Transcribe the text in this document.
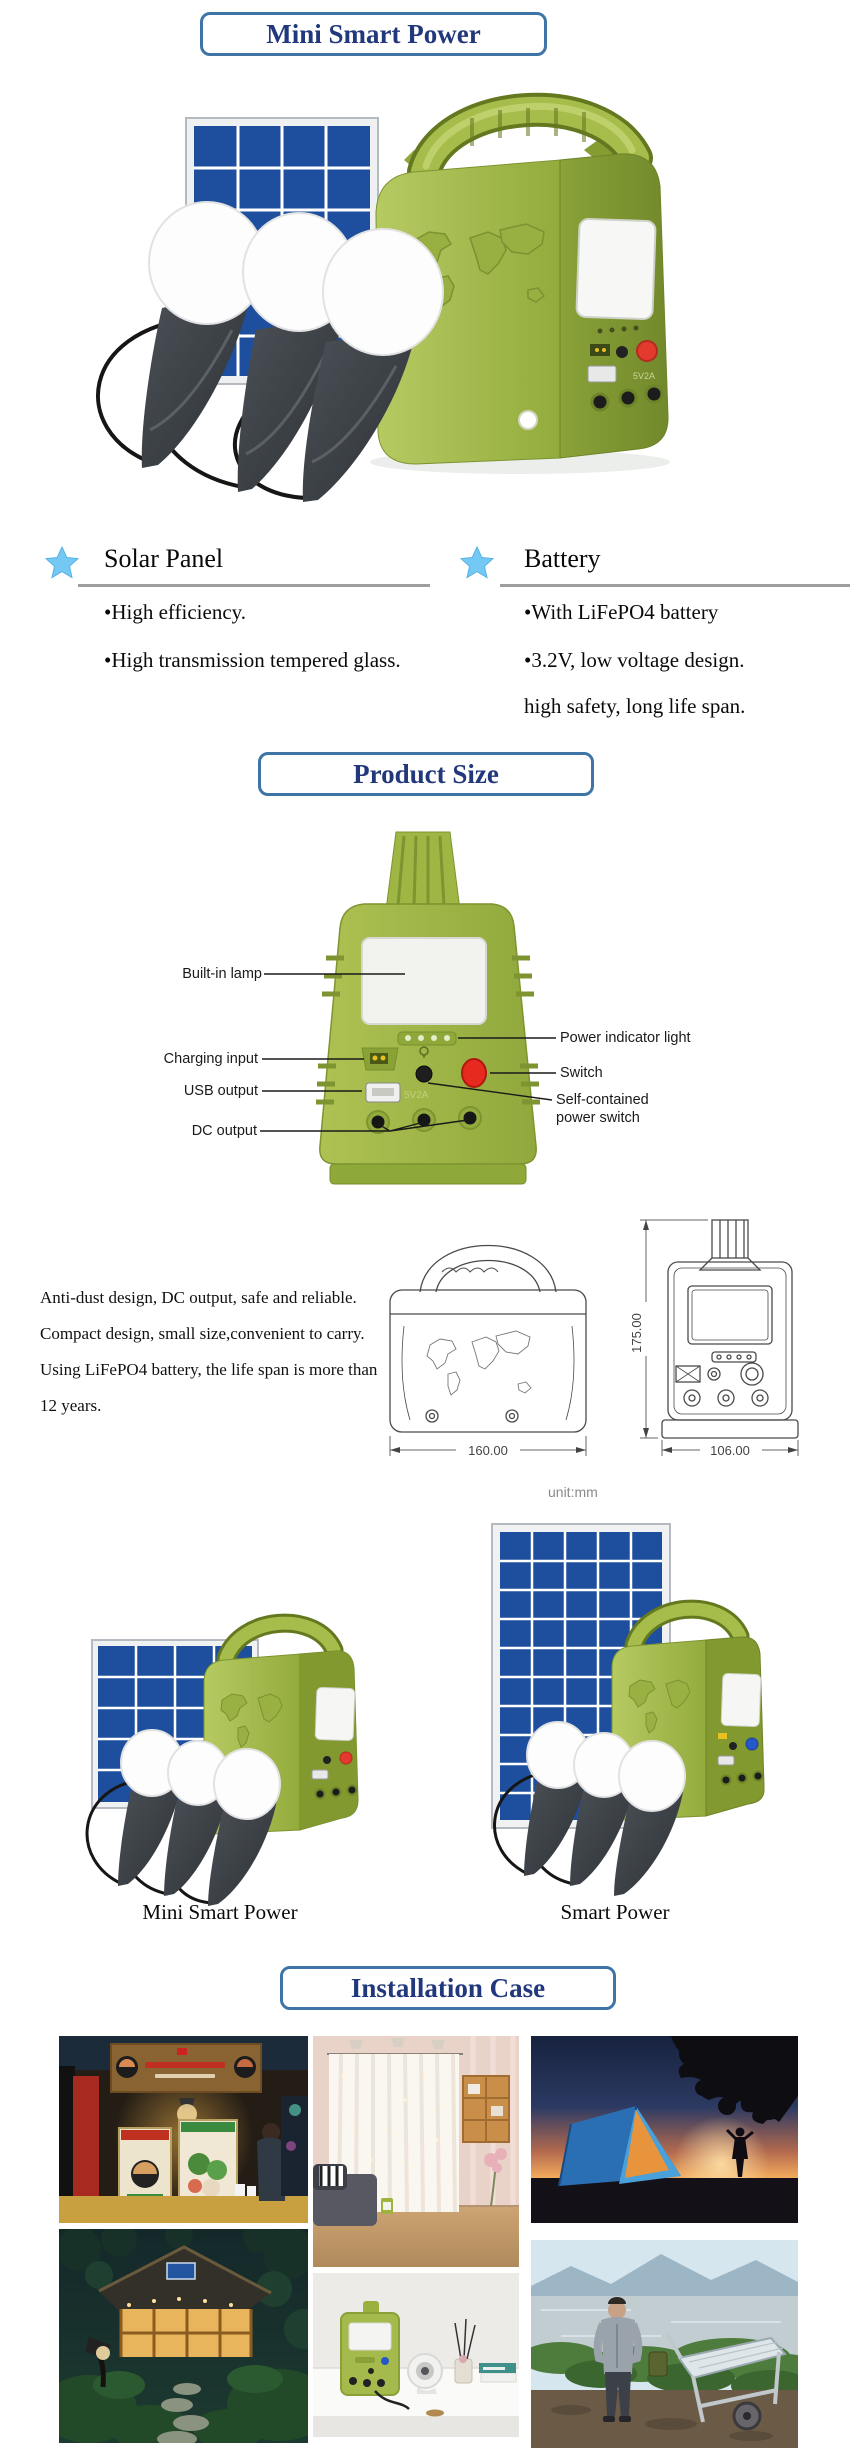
Mini Smart Power
5V2A
Solar Panel
•High efficiency.
•High transmission tempered glass.
Battery
•With LiFePO4 battery
•3.2V, low voltage design.
high safety, long life span.
Product Size
5V2A
Built-in lamp
Charging input
USB output
DC output
Power indicator light
Switch
Self-contained
power switch
Anti-dust design, DC output, safe and reliable.
Compact design, small size,convenient to carry.
Using LiFePO4 battery, the life span is more than
12 years.
160.00	106.00
175.00
unit:mm
Mini Smart Power	Smart Power
Installation Case
